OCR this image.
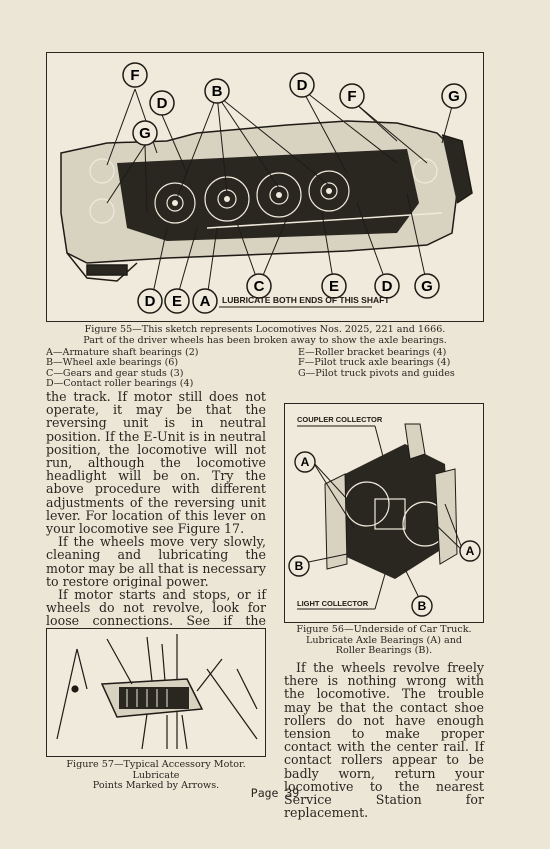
F
D
B	D
F	G
G
D E A
C	E	D G
LUBRICATE BOTH ENDS OF THIS SHAFT
Figure 55—This sketch represents Locomotives Nos. 2025, 221 and 1666.
Part of the driver wheels has been broken away to show the axle bearings.
A—Armature shaft bearings (2)	E—Roller bracket bearings (4)
B—Wheel axle bearings (6)	F—Pilot truck axle bearings (4)
C—Gears and gear studs (3)	G—Pilot truck pivots and guides
D—Contact roller bearings (4)

the track. If motor still does not operate, it may be that the reversing unit is in neutral position. If the E-Unit is in neutral position, the locomotive will not run, although the locomotive headlight will be on. Try the above procedure with different adjustments of the reversing unit lever. For location of this lever on your locomotive see Figure 17.

If the wheels move very slowly, cleaning and lubricating the motor may be all that is necessary to restore original power.

If motor starts and stops, or if wheels do not revolve, look for loose connections. See if the

COUPLER COLLECTOR
A
A
B
B
LIGHT COLLECTOR
Figure 56—Underside of Car Truck.
Lubricate Axle Bearings (A) and
Roller Bearings (B).
Figure 57—Typical Accessory Motor. Lubricate
Points Marked by Arrows.

If the wheels revolve freely there is nothing wrong with the locomotive. The trouble may be that the contact shoe rollers do not have enough tension to make proper contact with the center rail. If contact rollers appear to be badly worn, return your locomotive to the nearest Service Station for replacement.

Page 39
